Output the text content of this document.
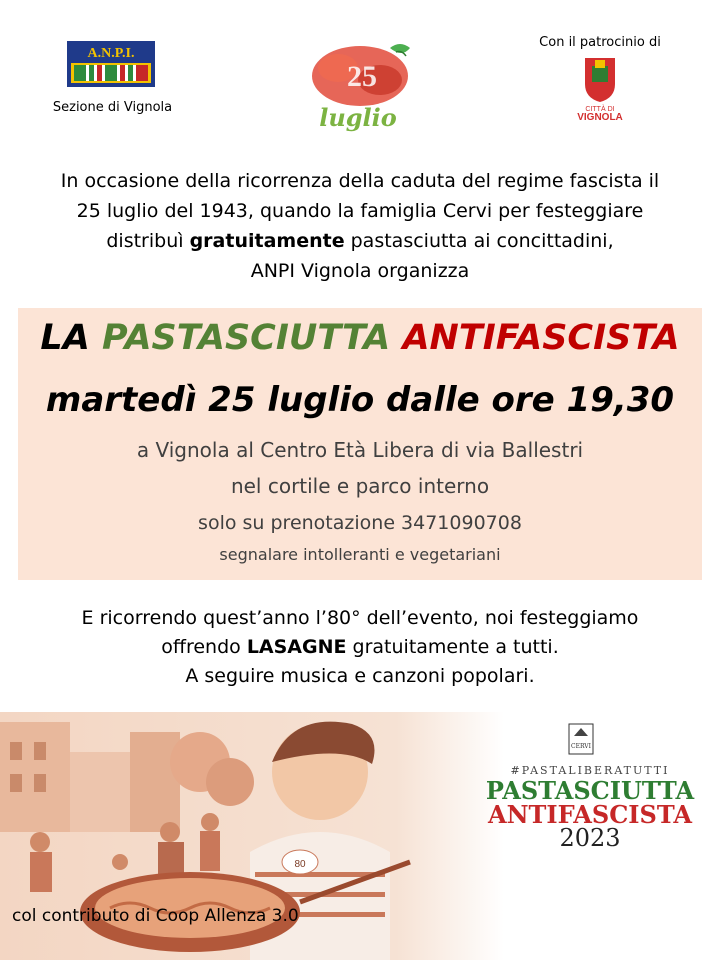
A.N.P.I.
Sezione di Vignola
25
luglio
Con il patrocinio di
CITTÀ DI
VIGNOLA
In occasione della ricorrenza della caduta del regime fascista il
25 luglio del 1943, quando la famiglia Cervi per festeggiare
distribuì gratuitamente pastasciutta ai concittadini,
ANPI Vignola organizza
LA PASTASCIUTTA ANTIFASCISTA
martedì 25 luglio dalle ore 19,30
a Vignola al Centro Età Libera di via Ballestri
nel cortile e parco interno
solo su prenotazione 3471090708
segnalare intolleranti e vegetariani
E ricorrendo quest’anno l’80° dell’evento, noi festeggiamo
offrendo LASAGNE gratuitamente a tutti.
A seguire musica e canzoni popolari.
80
CERVI
#PASTALIBERATUTTI
PASTASCIUTTA
ANTIFASCISTA
2023
col contributo di Coop Allenza 3.0
